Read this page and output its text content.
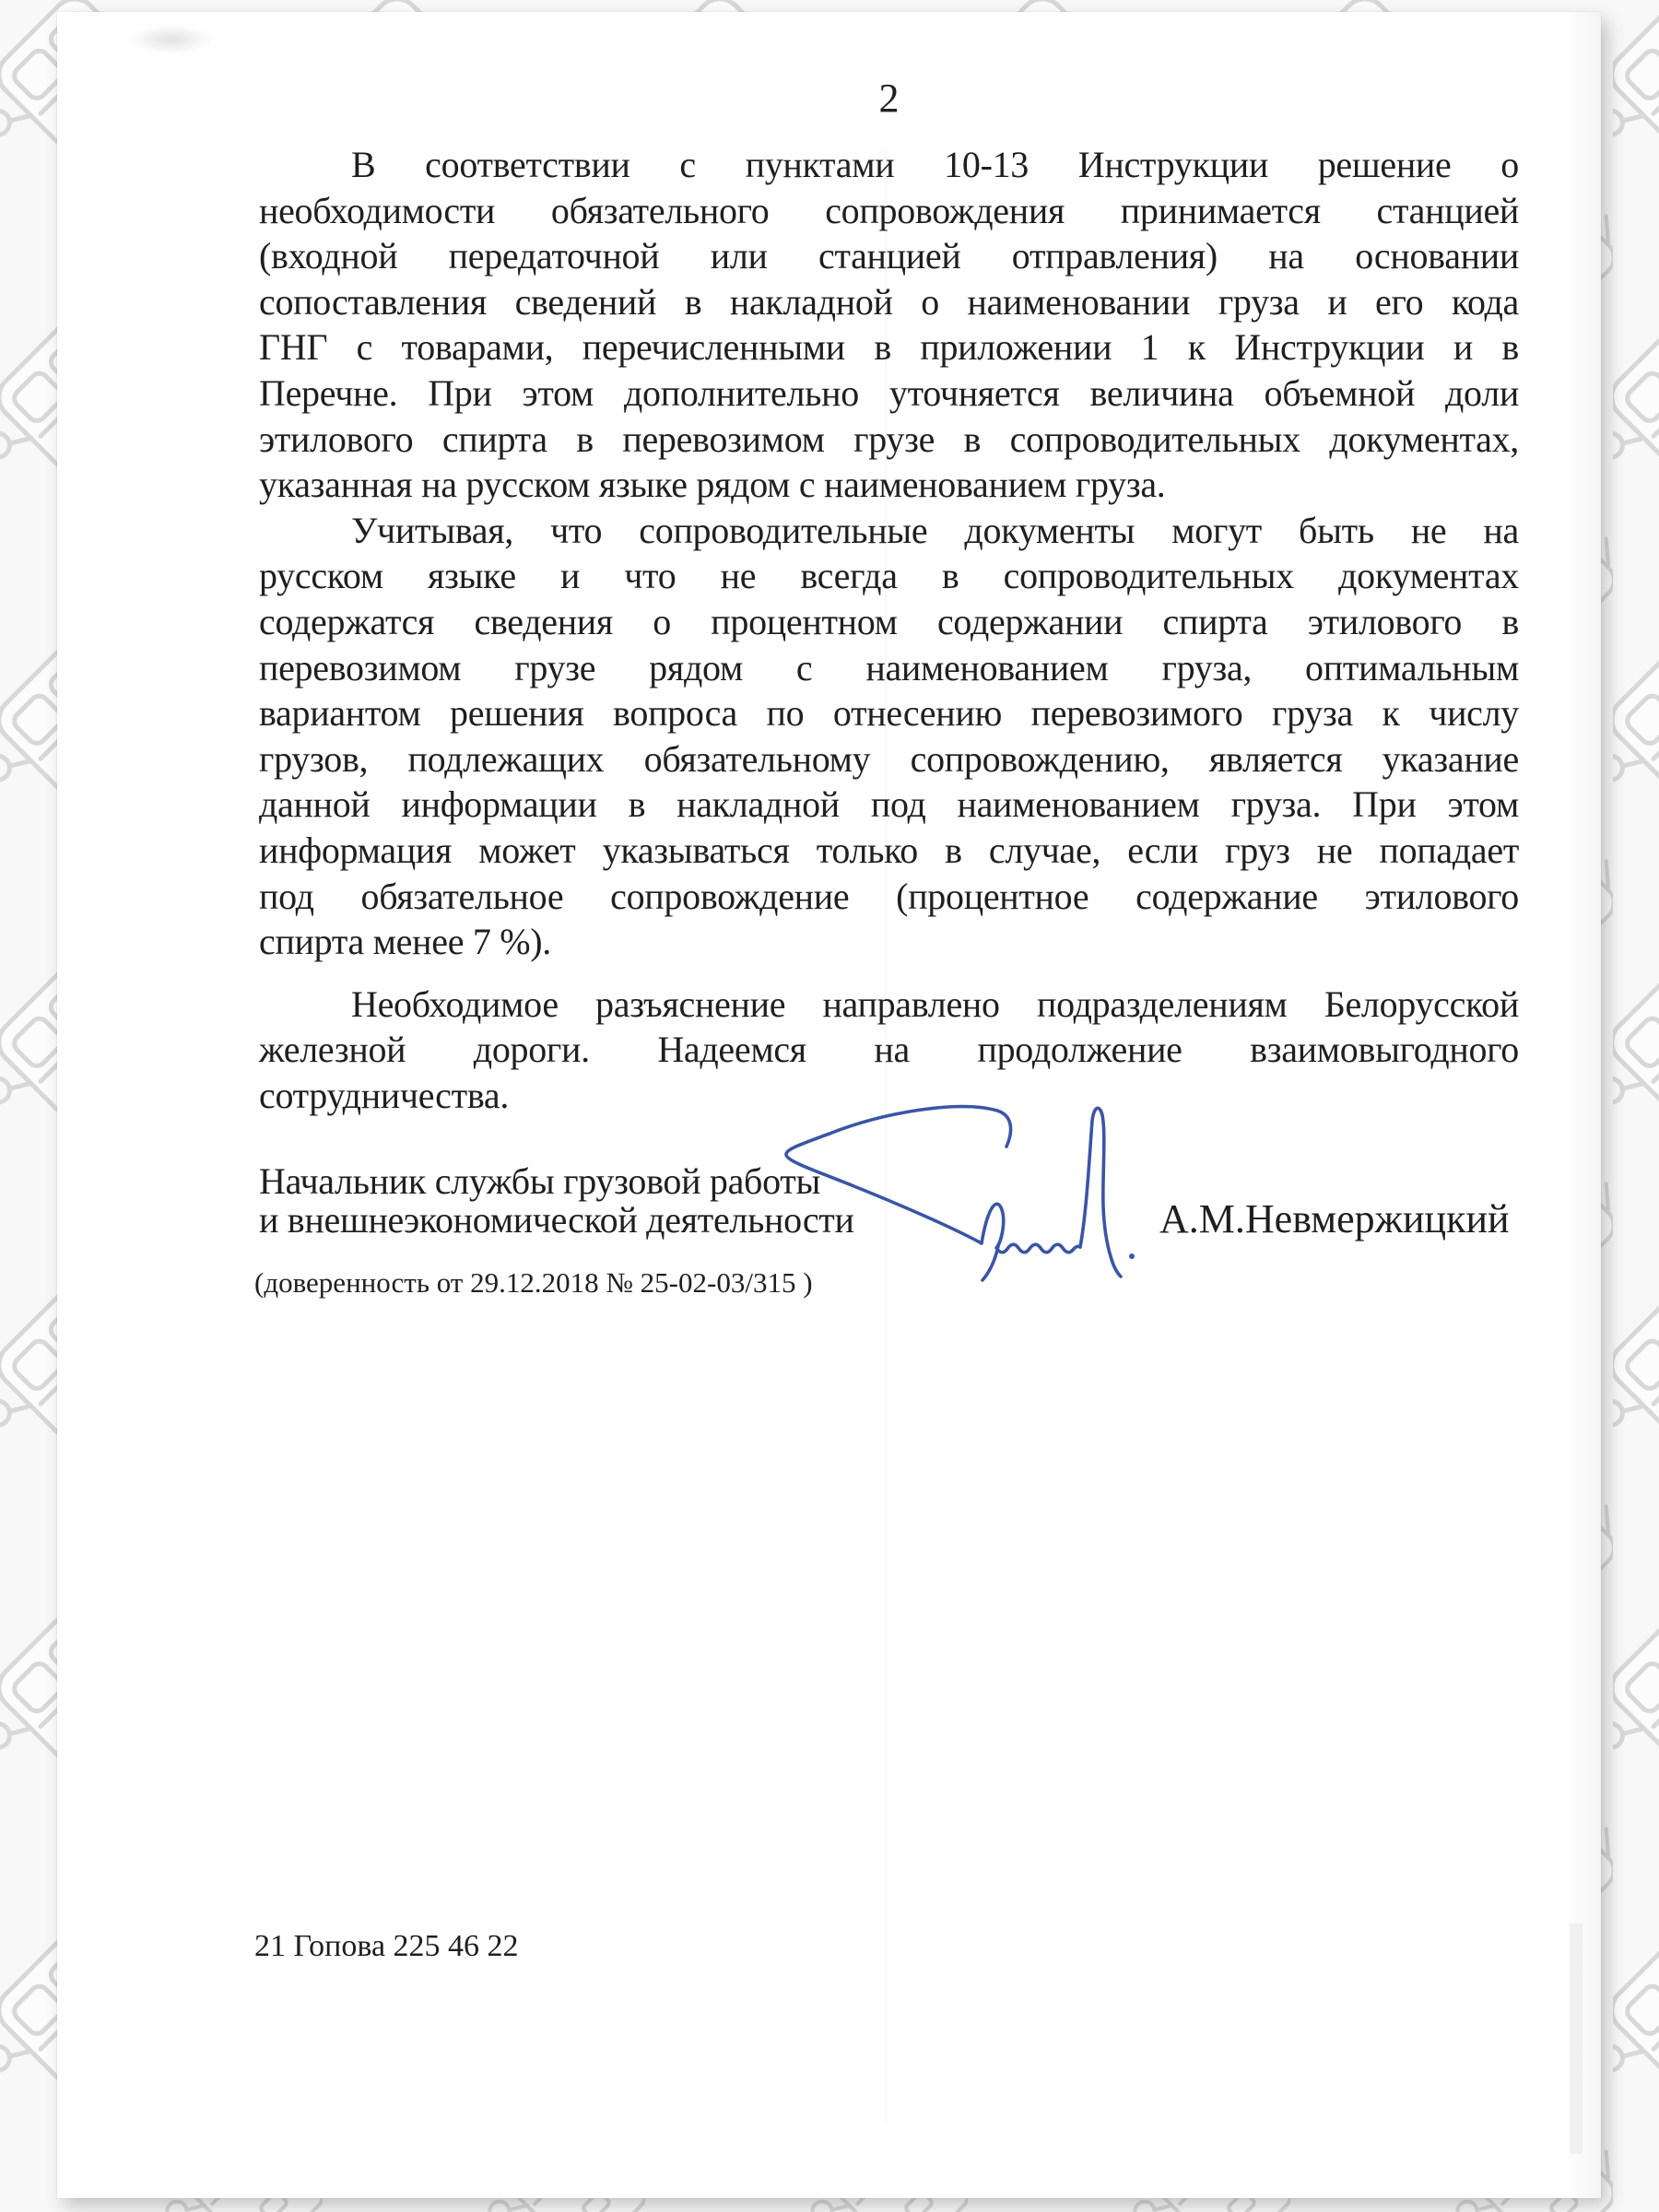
2
В соответствии с пунктами 10-13 Инструкции решение о
необходимости обязательного сопровождения принимается станцией
(входной передаточной или станцией отправления) на основании
сопоставления сведений в накладной о наименовании груза и его кода
ГНГ с товарами, перечисленными в приложении 1 к Инструкции и в
Перечне. При этом дополнительно уточняется величина объемной доли
этилового спирта в перевозимом грузе в сопроводительных документах,
указанная на русском языке рядом с наименованием груза.
Учитывая, что сопроводительные документы могут быть не на
русском языке и что не всегда в сопроводительных документах
содержатся сведения о процентном содержании спирта этилового в
перевозимом грузе рядом с наименованием груза, оптимальным
вариантом решения вопроса по отнесению перевозимого груза к числу
грузов, подлежащих обязательному сопровождению, является указание
данной информации в накладной под наименованием груза. При этом
информация может указываться только в случае, если груз не попадает
под обязательное сопровождение (процентное содержание этилового
спирта менее 7 %).
Необходимое разъяснение направлено подразделениям Белорусской
железной дороги. Надеемся на продолжение взаимовыгодного
сотрудничества.
Начальник службы грузовой работы
и внешнеэкономической деятельности	А.М.Невмержицкий
(доверенность от 29.12.2018 № 25-02-03/315 )
21 Гопова 225 46 22
